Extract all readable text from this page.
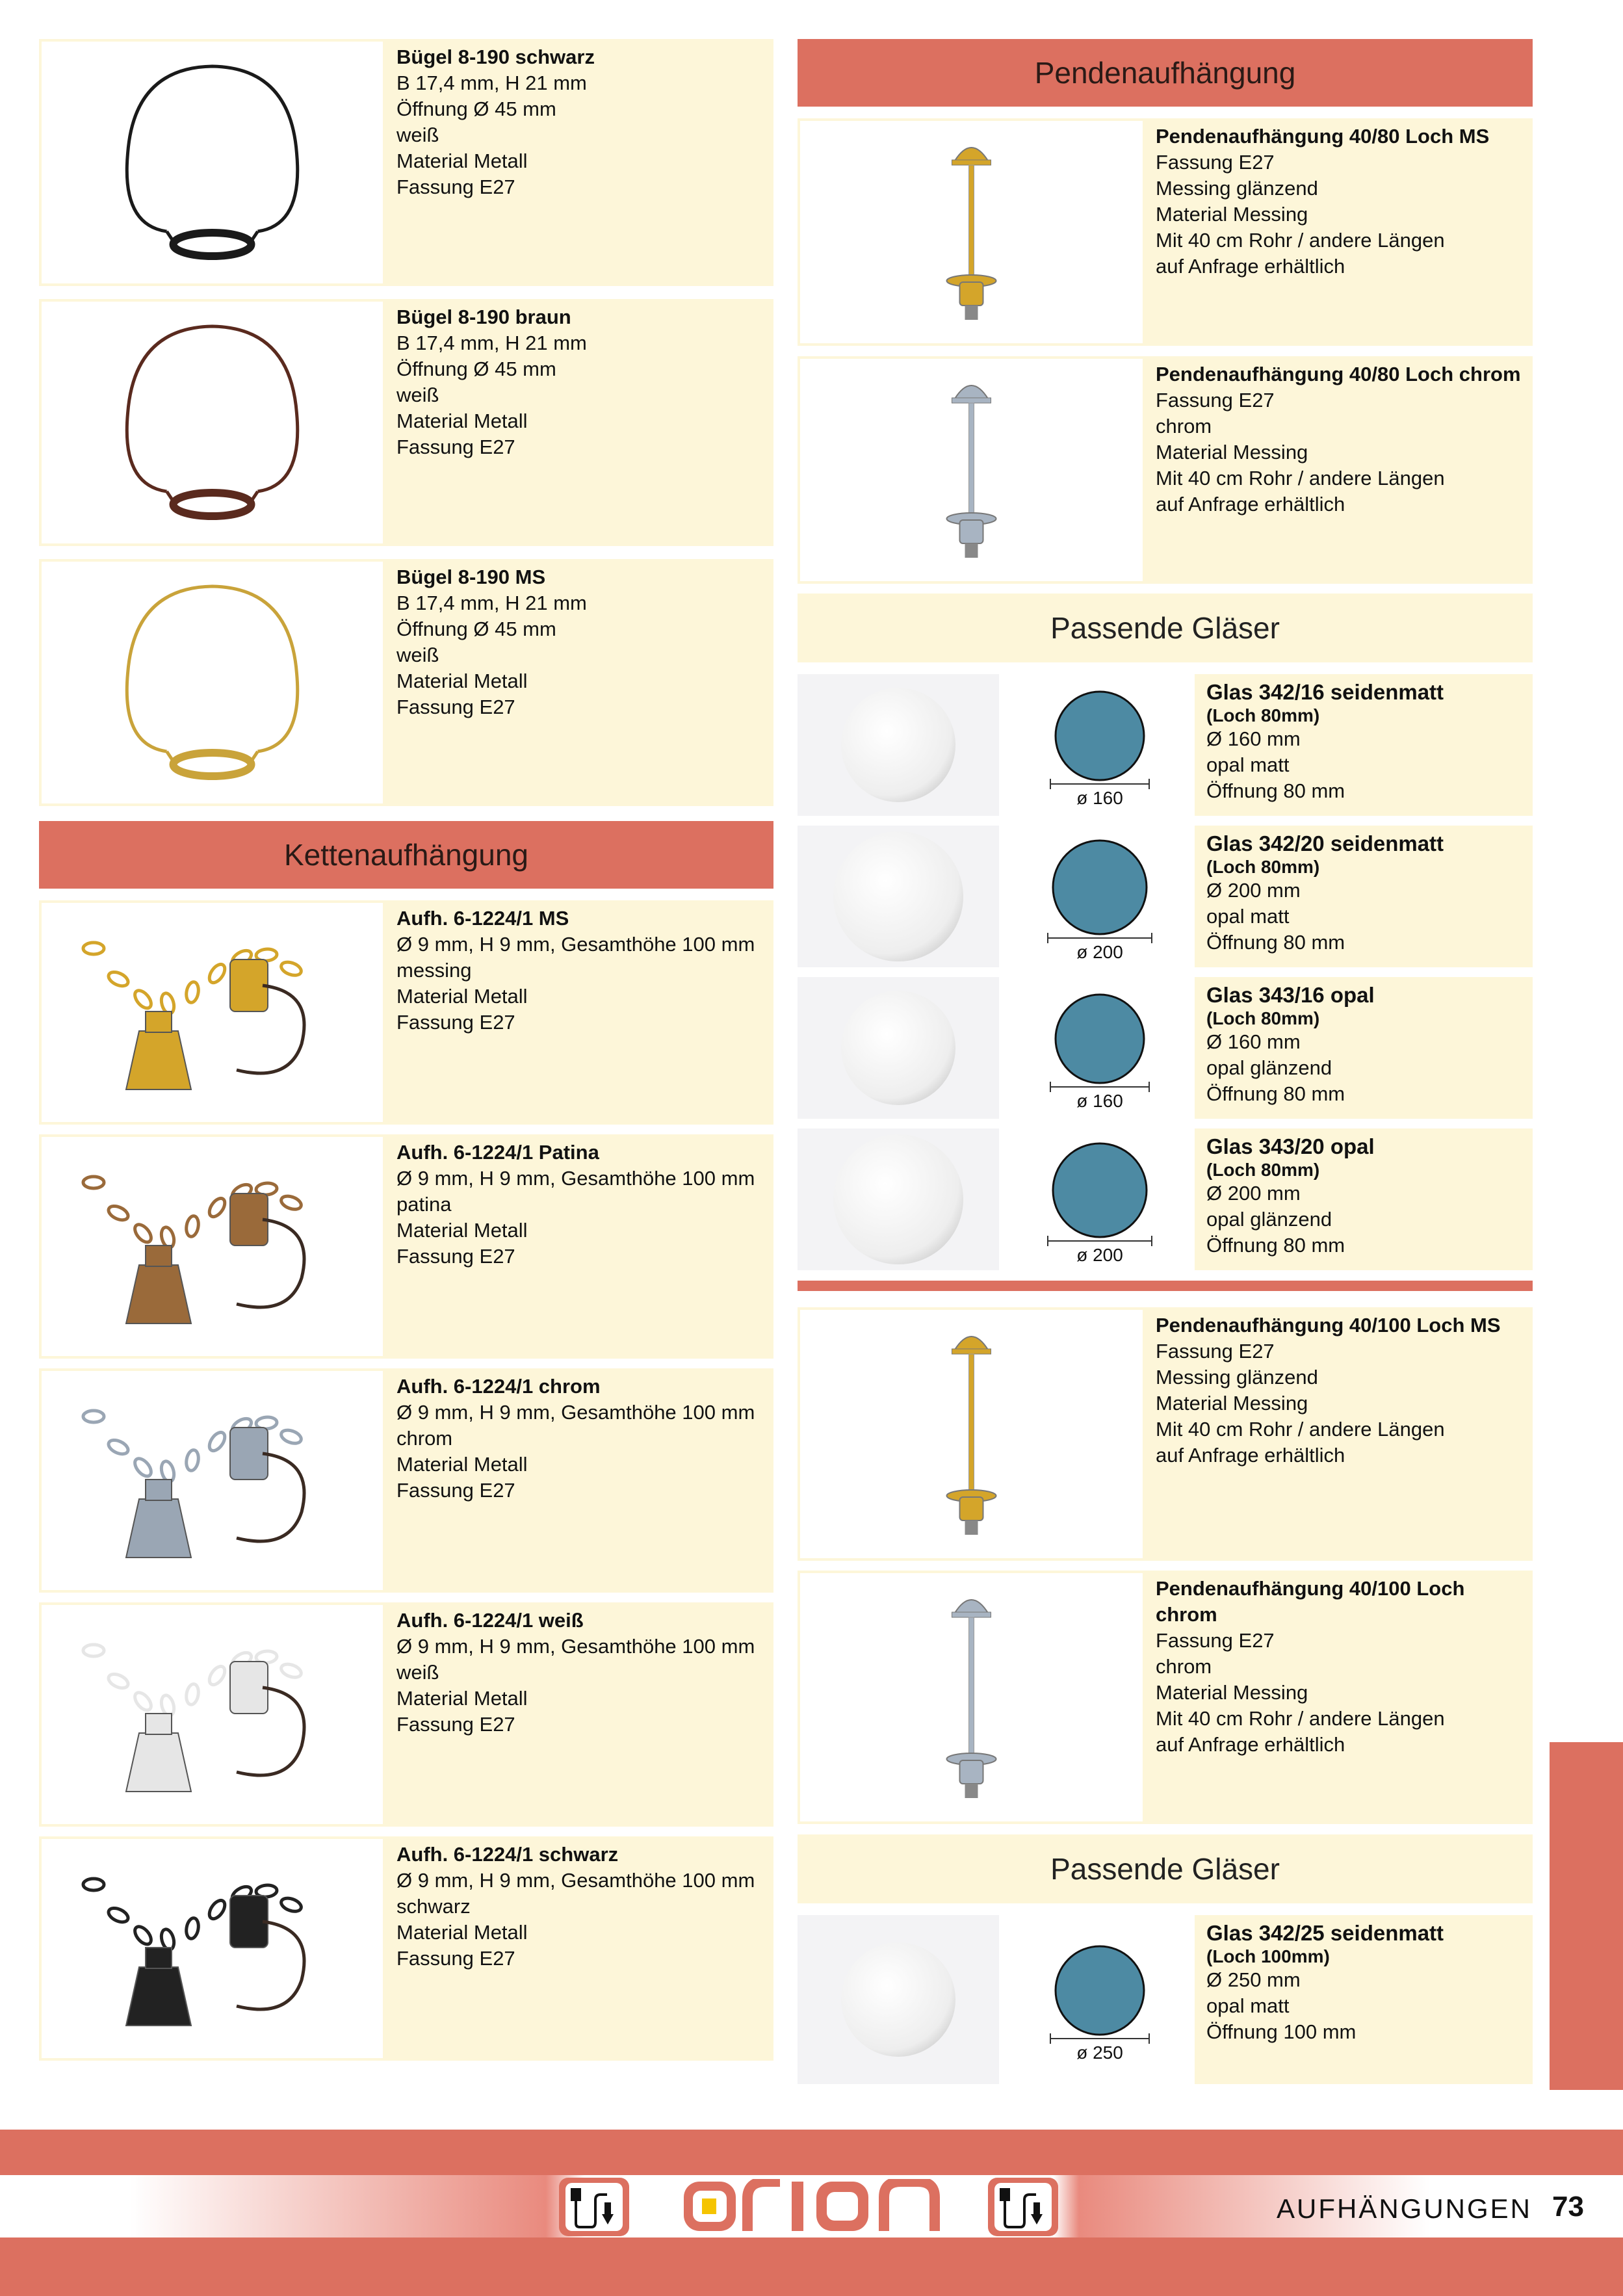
Bügel 8-190 schwarz
B 17,4 mm, H 21 mm
Öffnung Ø 45 mm
weiß
Material Metall
Fassung E27
Bügel 8-190 braun
B 17,4 mm, H 21 mm
Öffnung Ø 45 mm
weiß
Material Metall
Fassung E27
Bügel 8-190 MS
B 17,4 mm, H 21 mm
Öffnung Ø 45 mm
weiß
Material Metall
Fassung E27
Kettenaufhängung
Aufh. 6-1224/1 MS
Ø 9 mm, H 9 mm, Gesamthöhe 100 mm
messing
Material Metall
Fassung E27
Aufh. 6-1224/1 Patina
Ø 9 mm, H 9 mm, Gesamthöhe 100 mm
patina
Material Metall
Fassung E27
Aufh. 6-1224/1 chrom
Ø 9 mm, H 9 mm, Gesamthöhe 100 mm
chrom
Material Metall
Fassung E27
Aufh. 6-1224/1 weiß
Ø 9 mm, H 9 mm, Gesamthöhe 100 mm
weiß
Material Metall
Fassung E27
Aufh. 6-1224/1 schwarz
Ø 9 mm, H 9 mm, Gesamthöhe 100 mm
schwarz
Material Metall
Fassung E27
Pendenaufhängung
Pendenaufhängung 40/80 Loch MS
Fassung E27
Messing glänzend
Material Messing
Mit 40 cm Rohr / andere Längen
auf Anfrage erhältlich
Pendenaufhängung 40/80 Loch chrom
Fassung E27
chrom
Material Messing
Mit 40 cm Rohr / andere Längen
auf Anfrage erhältlich
Passende Gläser
ø 160
Glas 342/16 seidenmatt
(Loch 80mm)
Ø 160 mm
opal matt
Öffnung 80 mm
ø 200
Glas 342/20 seidenmatt
(Loch 80mm)
Ø 200 mm
opal matt
Öffnung 80 mm
ø 160
Glas 343/16 opal
(Loch 80mm)
Ø 160 mm
opal glänzend
Öffnung 80 mm
ø 200
Glas 343/20 opal
(Loch 80mm)
Ø 200 mm
opal glänzend
Öffnung 80 mm
Pendenaufhängung 40/100 Loch MS
Fassung E27
Messing glänzend
Material Messing
Mit 40 cm Rohr / andere Längen
auf Anfrage erhältlich
Pendenaufhängung 40/100 Loch chrom
Fassung E27
chrom
Material Messing
Mit 40 cm Rohr / andere Längen
auf Anfrage erhältlich
Passende Gläser
ø 250
Glas 342/25 seidenmatt
(Loch 100mm)
Ø 250 mm
opal matt
Öffnung 100 mm
AUFHÄNGUNGEN 73
